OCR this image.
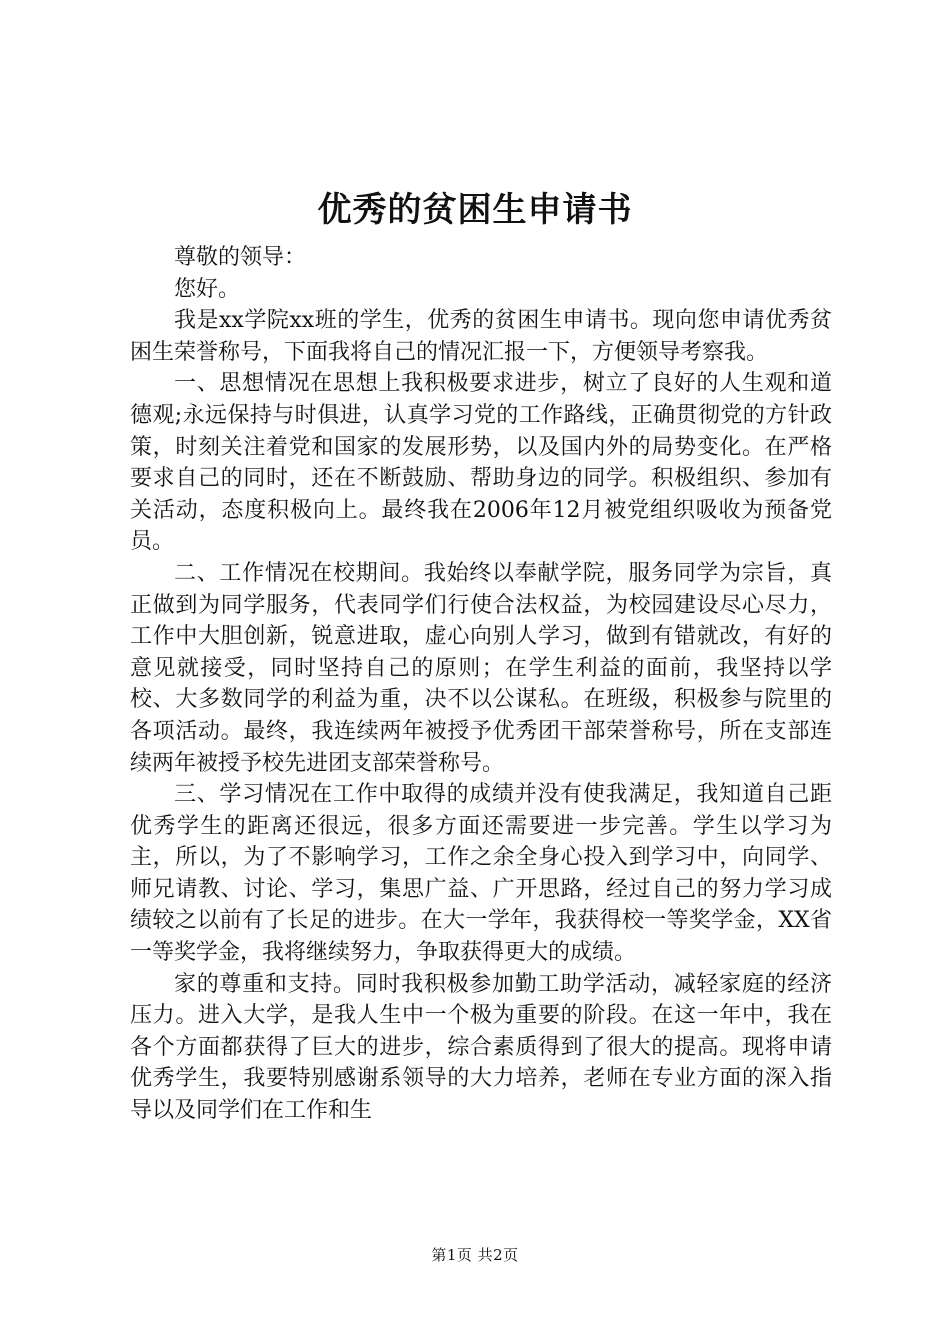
优秀的贫困生申请书

尊敬的领导：

您好。

我是xx学院xx班的学生，优秀的贫困生申请书。现向您申请优秀贫困生荣誉称号，下面我将自己的情况汇报一下，方便领导考察我。

一、思想情况在思想上我积极要求进步，树立了良好的人生观和道德观;永远保持与时俱进，认真学习党的工作路线，正确贯彻党的方针政策，时刻关注着党和国家的发展形势，以及国内外的局势变化。在严格要求自己的同时，还在不断鼓励、帮助身边的同学。积极组织、参加有关活动，态度积极向上。最终我在2006年12月被党组织吸收为预备党员。

二、工作情况在校期间。我始终以奉献学院，服务同学为宗旨，真正做到为同学服务，代表同学们行使合法权益，为校园建设尽心尽力，工作中大胆创新，锐意进取，虚心向别人学习，做到有错就改，有好的意见就接受，同时坚持自己的原则；在学生利益的面前，我坚持以学校、大多数同学的利益为重，决不以公谋私。在班级，积极参与院里的各项活动。最终，我连续两年被授予优秀团干部荣誉称号，所在支部连续两年被授予校先进团支部荣誉称号。

三、学习情况在工作中取得的成绩并没有使我满足，我知道自己距优秀学生的距离还很远，很多方面还需要进一步完善。学生以学习为主，所以，为了不影响学习，工作之余全身心投入到学习中，向同学、师兄请教、讨论、学习，集思广益、广开思路，经过自己的努力学习成绩较之以前有了长足的进步。在大一学年，我获得校一等奖学金，XX省一等奖学金，我将继续努力，争取获得更大的成绩。

家的尊重和支持。同时我积极参加勤工助学活动，减轻家庭的经济压力。进入大学，是我人生中一个极为重要的阶段。在这一年中，我在各个方面都获得了巨大的进步，综合素质得到了很大的提高。现将申请优秀学生，我要特别感谢系领导的大力培养，老师在专业方面的深入指导以及同学们在工作和生

第1页 共2页
